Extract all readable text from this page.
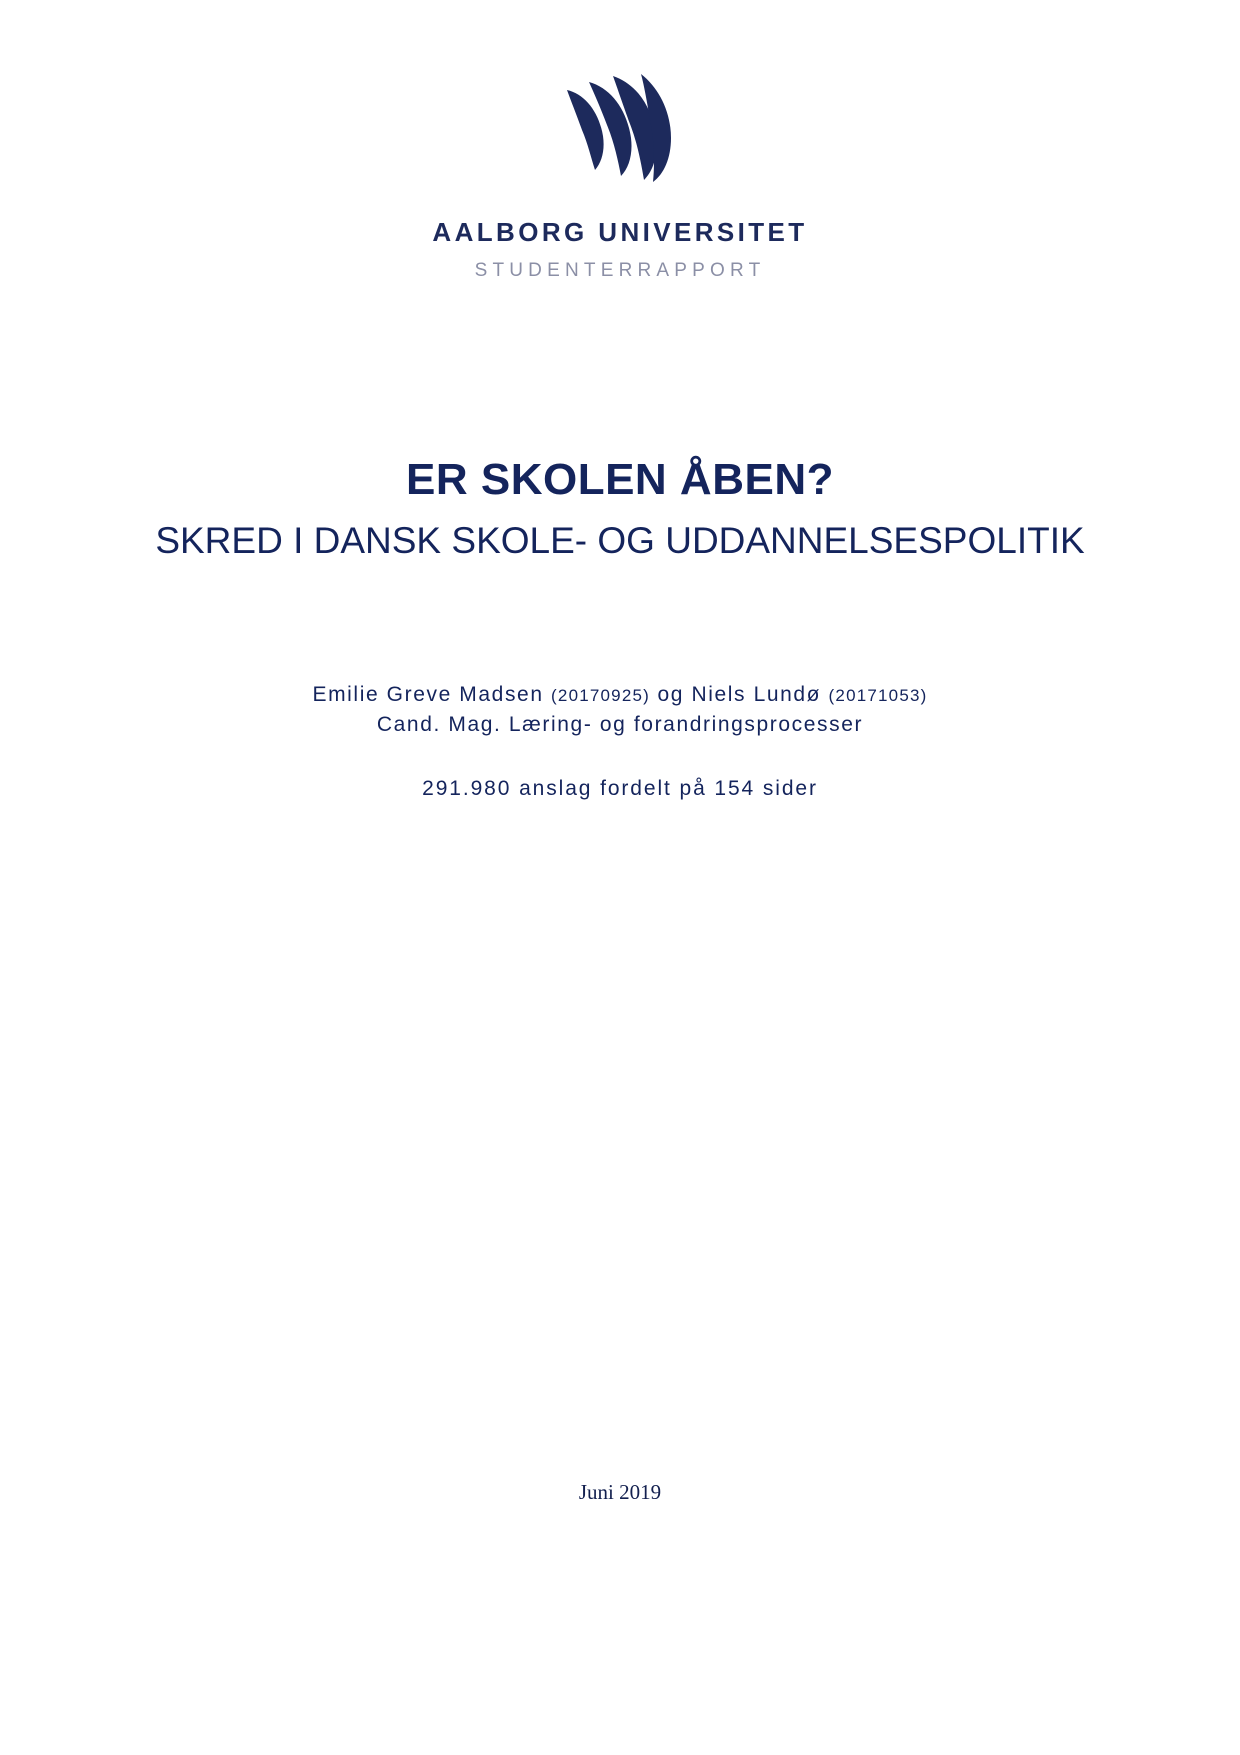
AALBORG UNIVERSITET
STUDENTERRAPPORT
ER SKOLEN ÅBEN?
SKRED I DANSK SKOLE- OG UDDANNELSESPOLITIK
Emilie Greve Madsen (20170925) og Niels Lundø (20171053)
Cand. Mag. Læring- og forandringsprocesser
291.980 anslag fordelt på 154 sider
Juni 2019
